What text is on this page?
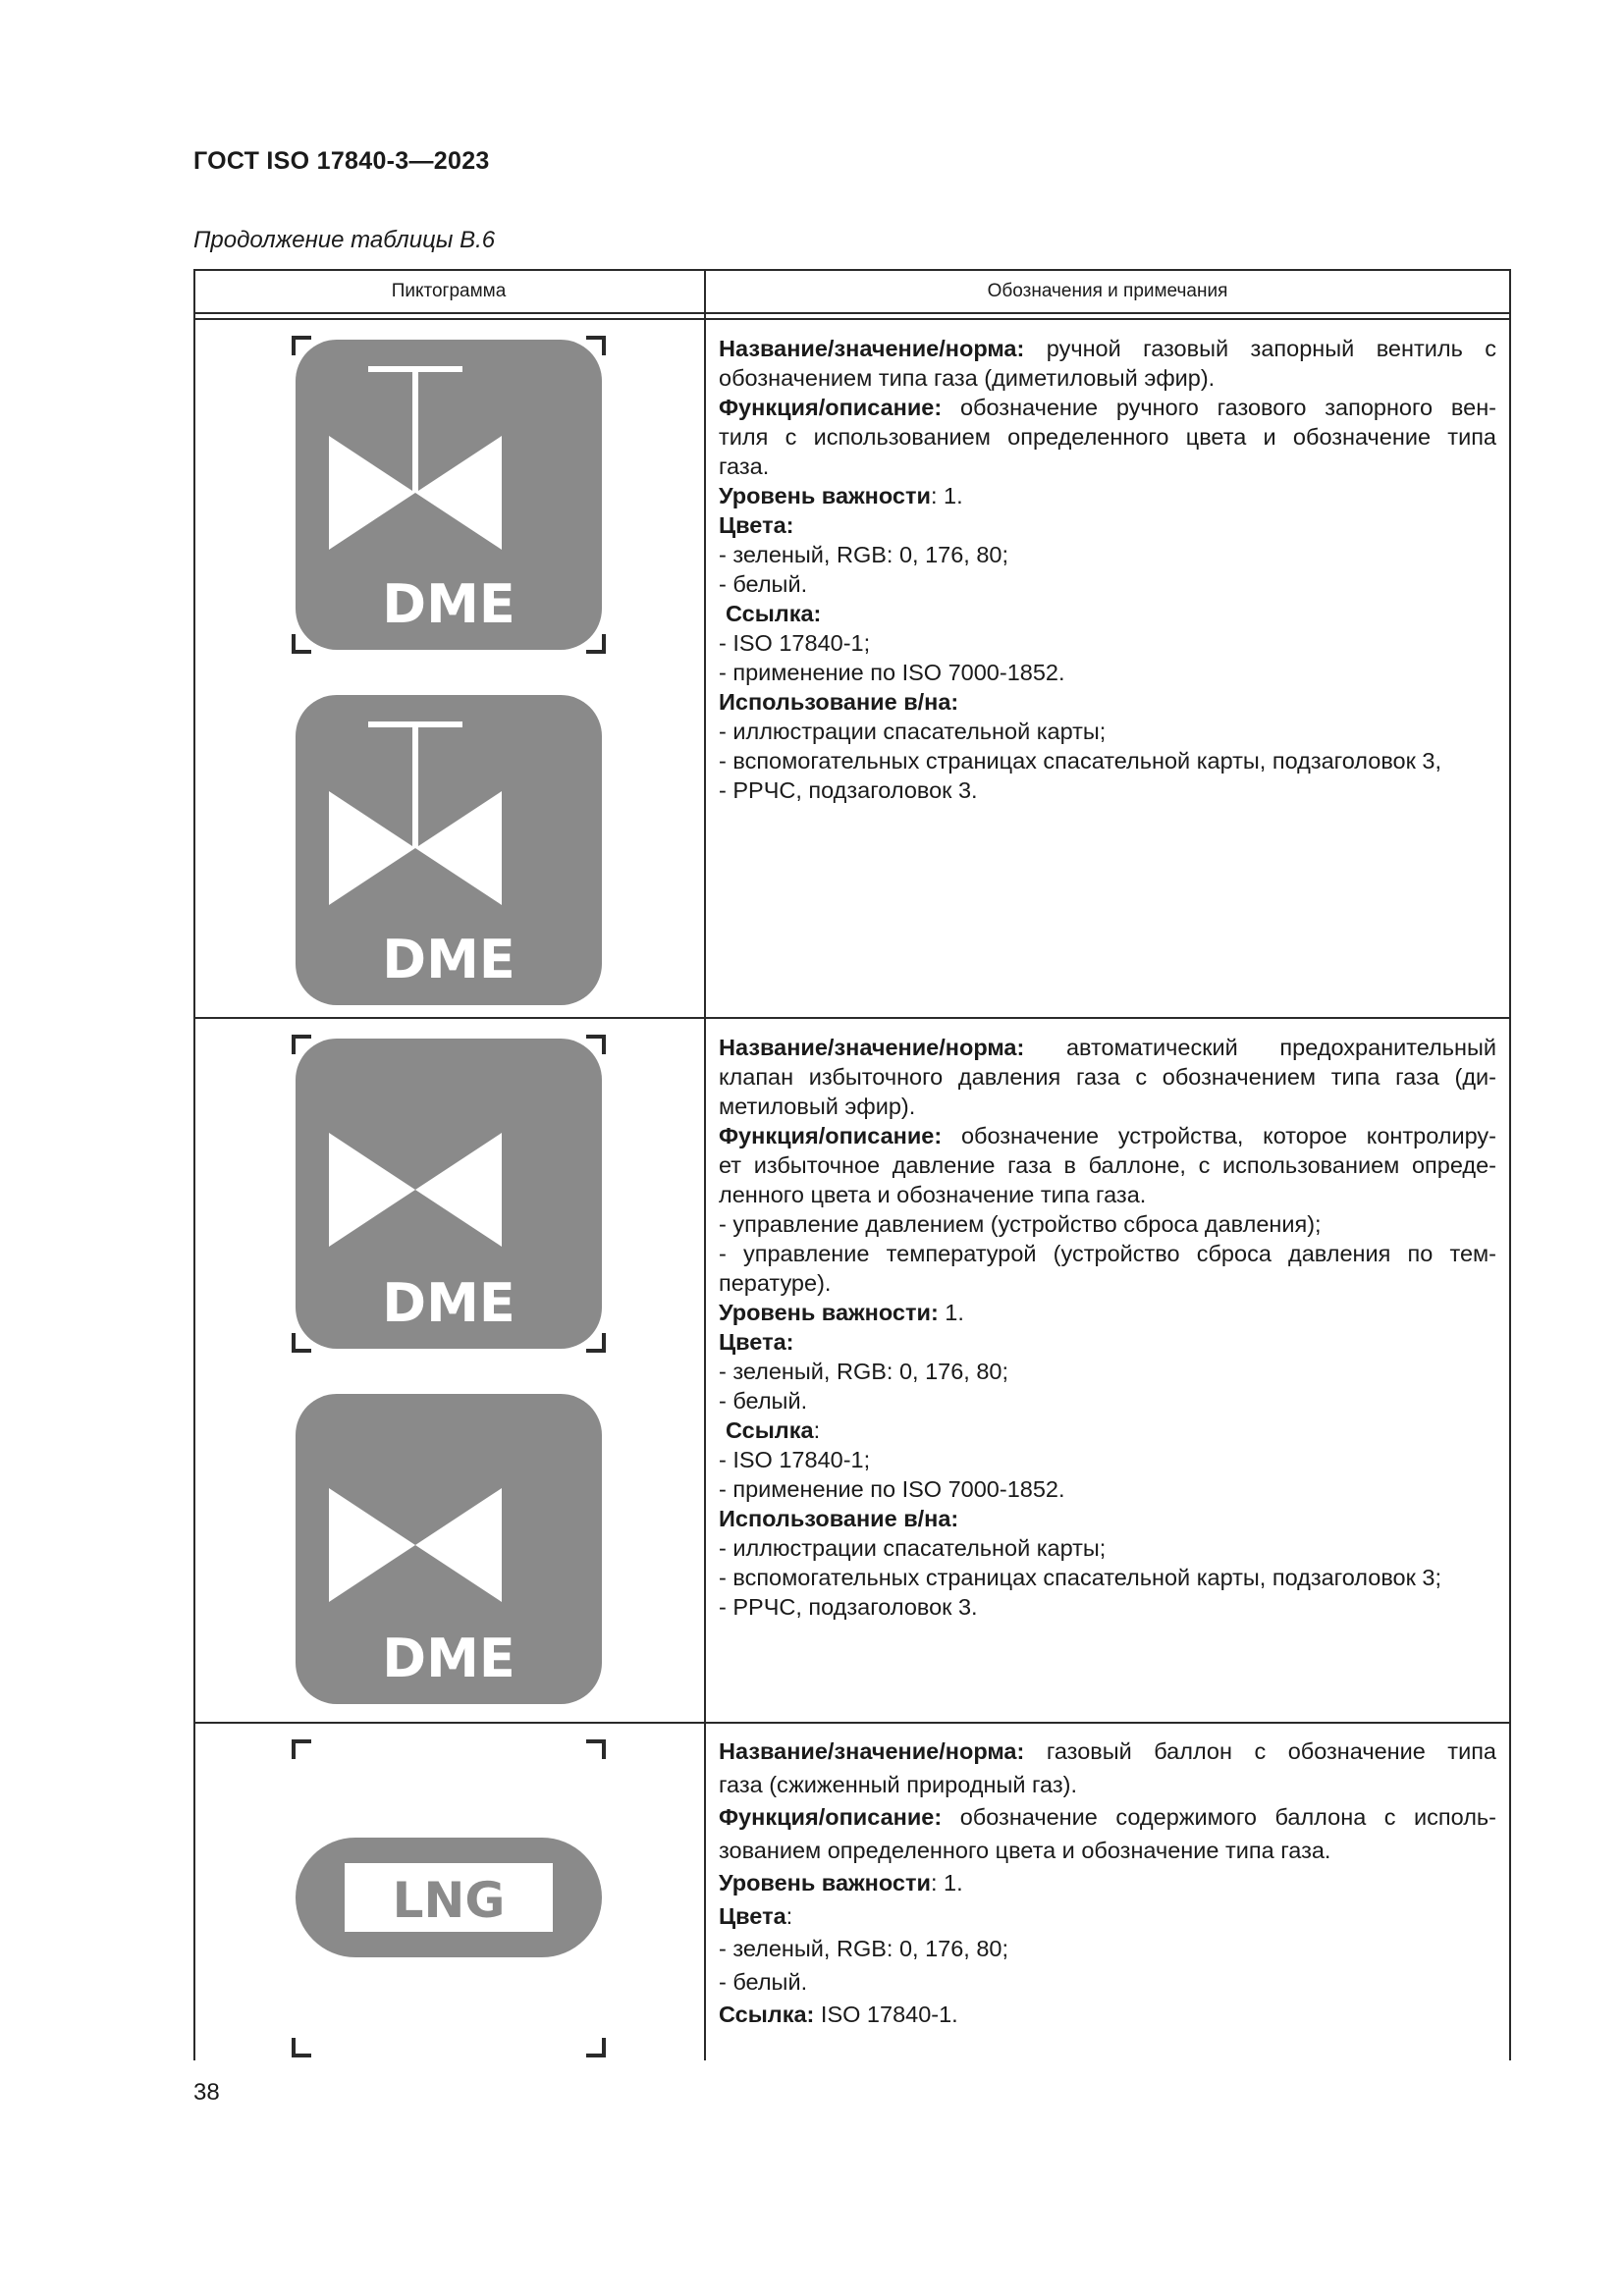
ГОСТ ISO 17840-3—2023
Продолжение таблицы В.6
Пиктограмма	Обозначения и примечания
DME
DME
DME
DME
LNG

Название/значение/норма: ручной газовый запорный вентиль с

обозначением типа газа (диметиловый эфир).

Функция/описание: обозначение ручного газового запорного вен-

тиля с использованием определенного цвета и обозначение типа

газа.

Уровень важности: 1.

Цвета:

- зеленый, RGB: 0, 176, 80;

- белый.

Ссылка:

- ISO 17840-1;

- применение по ISO 7000-1852.

Использование в/на:

- иллюстрации спасательной карты;

- вспомогательных страницах спасательной карты, подзаголовок 3,

- РРЧС, подзаголовок 3.

Название/значение/норма: автоматический предохранительный

клапан избыточного давления газа с обозначением типа газа (ди-

метиловый эфир).

Функция/описание: обозначение устройства, которое контролиру-

ет избыточное давление газа в баллоне, с использованием опреде-

ленного цвета и обозначение типа газа.

- управление давлением (устройство сброса давления);

- управление температурой (устройство сброса давления по тем-

пературе).

Уровень важности: 1.

Цвета:

- зеленый, RGB: 0, 176, 80;

- белый.

Ссылка:

- ISO 17840-1;

- применение по ISO 7000-1852.

Использование в/на:

- иллюстрации спасательной карты;

- вспомогательных страницах спасательной карты, подзаголовок 3;

- РРЧС, подзаголовок 3.

Название/значение/норма: газовый баллон с обозначение типа

газа (сжиженный природный газ).

Функция/описание: обозначение содержимого баллона с исполь-

зованием определенного цвета и обозначение типа газа.

Уровень важности: 1.

Цвета:

- зеленый, RGB: 0, 176, 80;

- белый.

Ссылка: ISO 17840-1.

38
